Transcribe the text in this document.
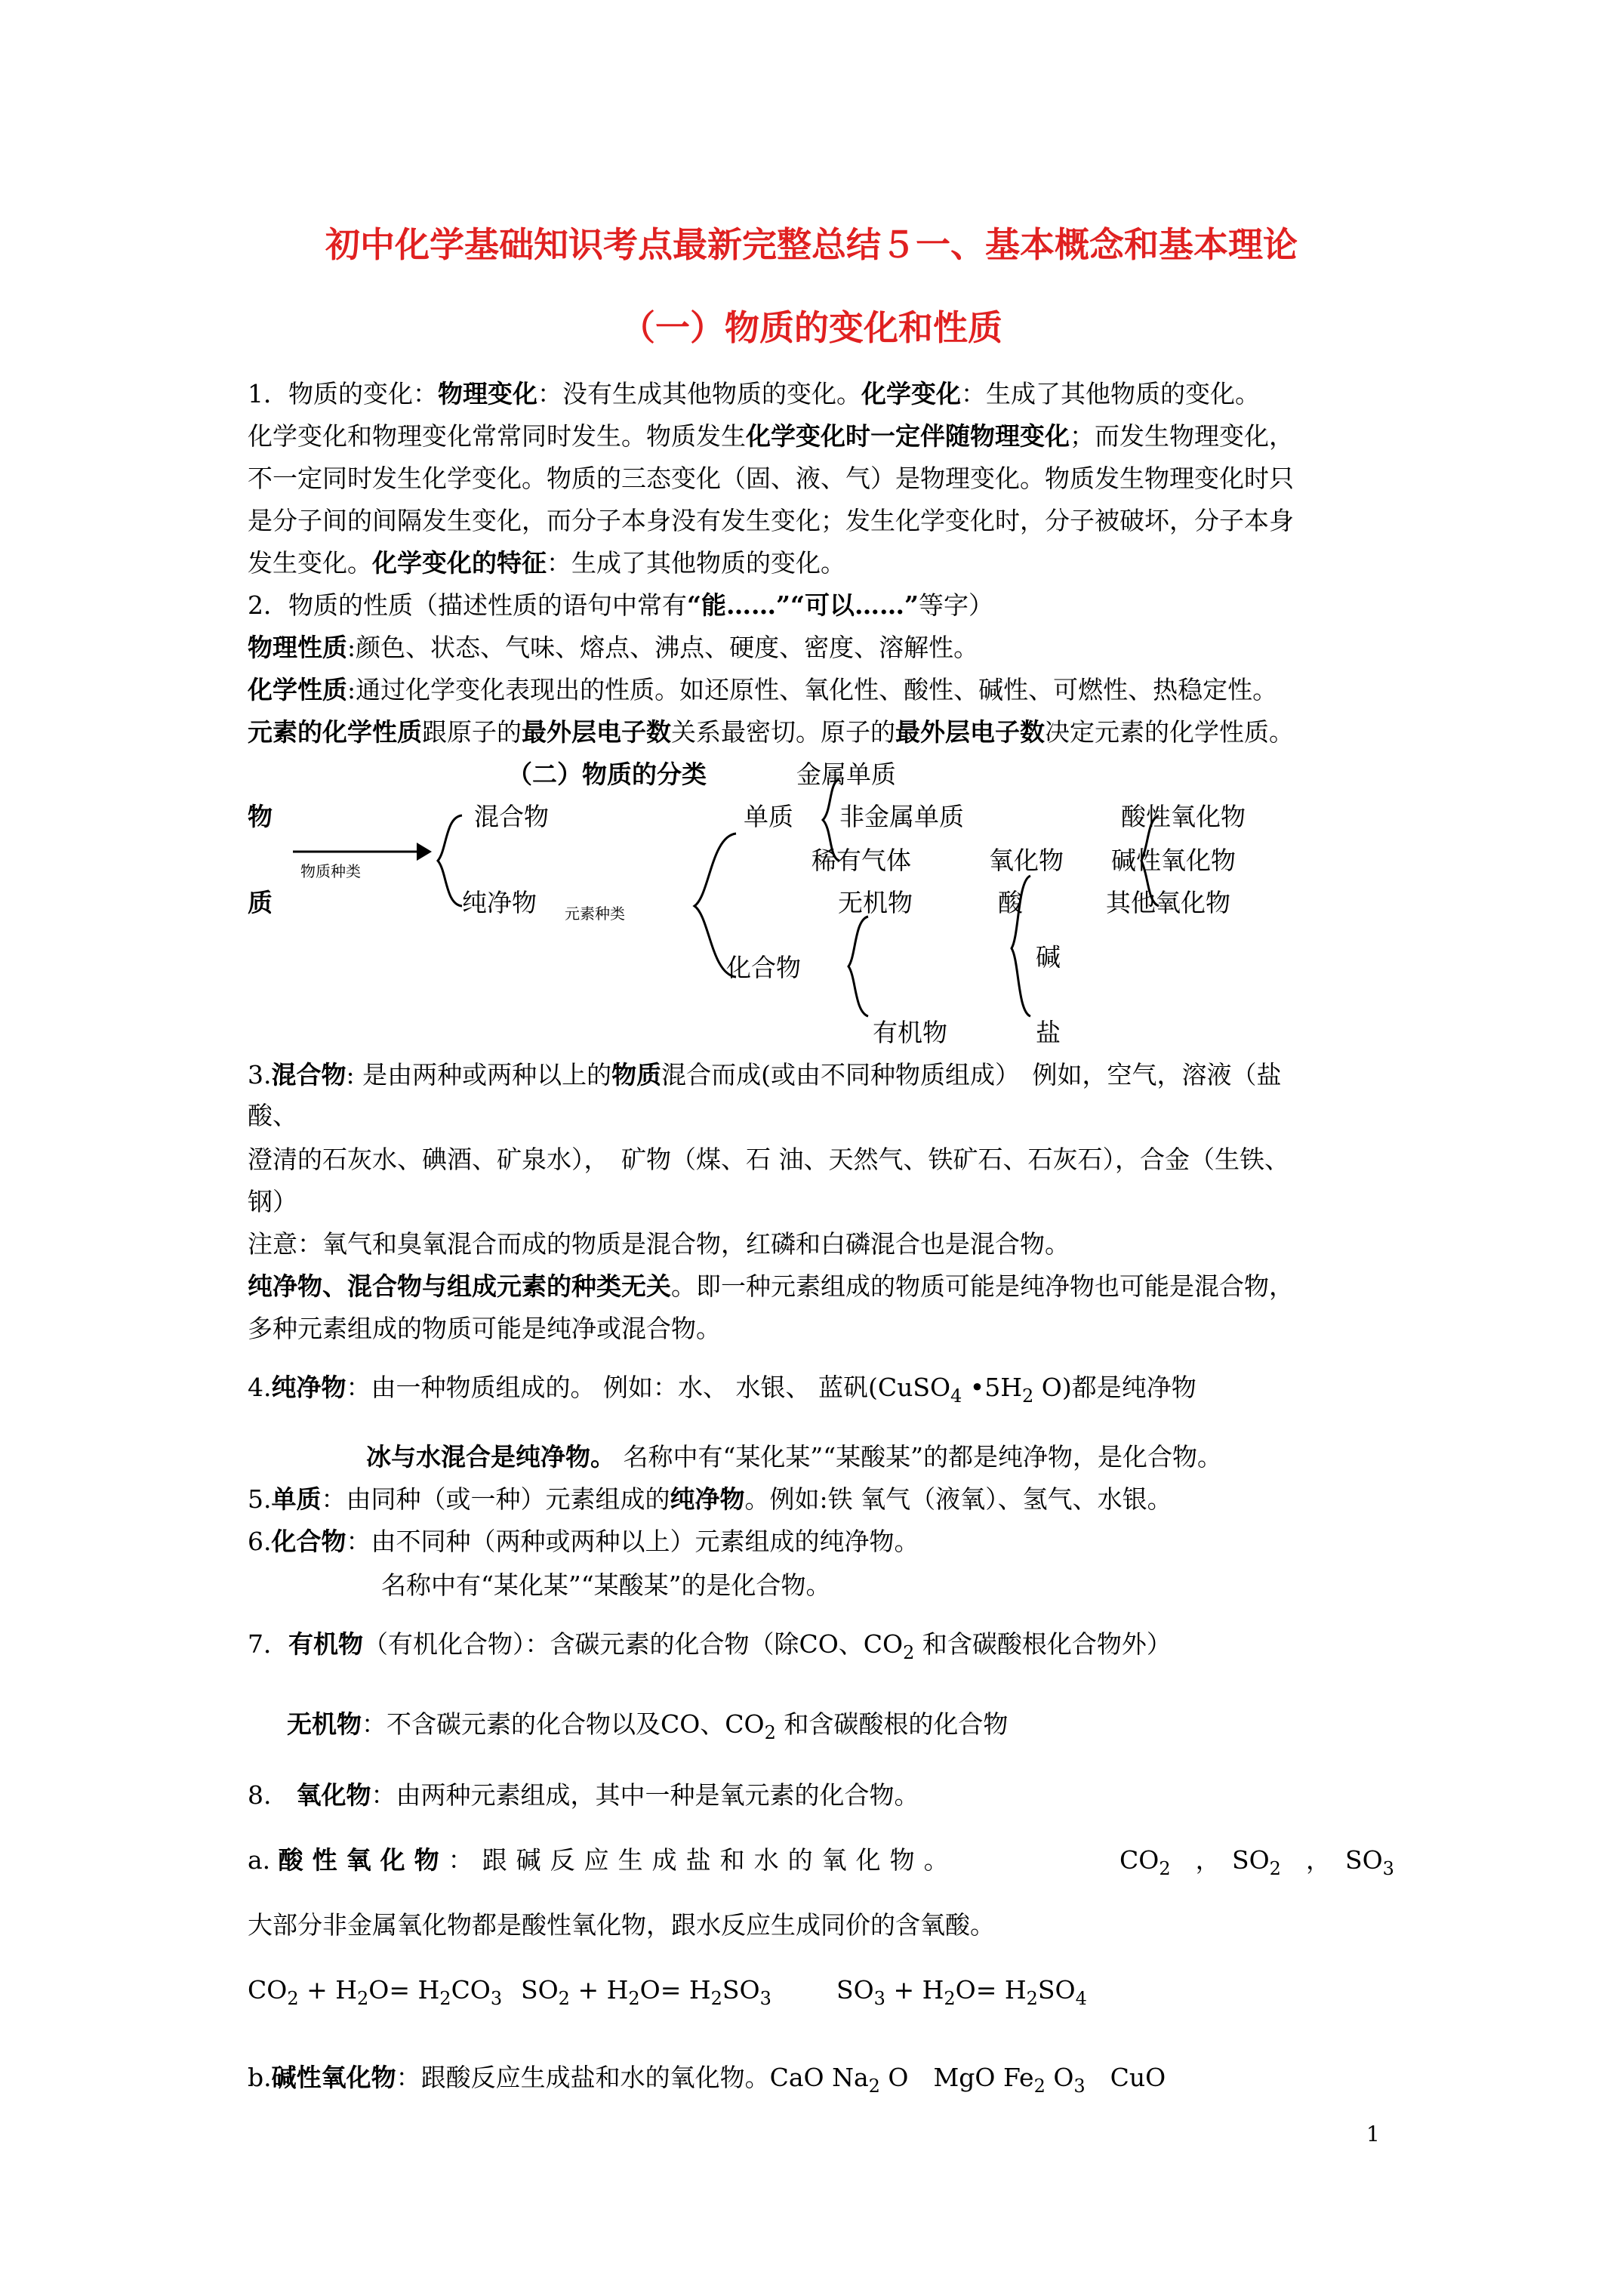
初中化学基础知识考点最新完整总结５一、基本概念和基本理论
（一）物质的变化和性质
1．物质的变化：物理变化：没有生成其他物质的变化。化学变化：生成了其他物质的变化。
化学变化和物理变化常常同时发生。物质发生化学变化时一定伴随物理变化；而发生物理变化，
不一定同时发生化学变化。物质的三态变化（固、液、气）是物理变化。物质发生物理变化时只
是分子间的间隔发生变化，而分子本身没有发生变化；发生化学变化时，分子被破坏，分子本身
发生变化。化学变化的特征：生成了其他物质的变化。
2．物质的性质（描述性质的语句中常有“能……”“可以……”等字）
物理性质:颜色、状态、气味、熔点、沸点、硬度、密度、溶解性。
化学性质:通过化学变化表现出的性质。如还原性、氧化性、酸性、碱性、可燃性、热稳定性。
元素的化学性质跟原子的最外层电子数关系最密切。原子的最外层电子数决定元素的化学性质。
（二）物质的分类	金属单质
物
质
混合物
纯净物
物质种类
元素种类
单质 非金属单质
稀有气体
化合物
无机物
有机物
氧化物
酸
碱
盐
酸性氧化物
碱性氧化物
其他氧化物
3.混合物: 是由两种或两种以上的物质混合而成(或由不同种物质组成）　例如，空气，溶液（盐
酸、
澄清的石灰水、碘酒、矿泉水），　矿物（煤、石 油、天然气、铁矿石、石灰石），合金（生铁、
钢）
注意：氧气和臭氧混合而成的物质是混合物，红磷和白磷混合也是混合物。
纯净物、混合物与组成元素的种类无关。即一种元素组成的物质可能是纯净物也可能是混合物，
多种元素组成的物质可能是纯净或混合物。
4.纯净物：由一种物质组成的。 例如：水、 水银、 蓝矾(CuSO$_4$ $•5H_2$ O)都是纯净物
冰与水混合是纯净物。 名称中有“某化某”“某酸某”的都是纯净物，是化合物。
5.单质：由同种（或一种）元素组成的纯净物。例如:铁 氧气（液氧）、氢气、水银。
6.化合物：由不同种（两种或两种以上）元素组成的纯净物。
名称中有“某化某”“某酸某”的是化合物。
7．有机物（有机化合物）：含碳元素的化合物（除CO、$CO_2$ 和含碳酸根化合物外）
无机物：不含碳元素的化合物以及CO、$CO_2$ 和含碳酸根的化合物
8.　氧化物：由两种元素组成，其中一种是氧元素的化合物。
a. 酸性氧化物：跟碱反应生成盐和水的氧化物。	$CO_2$　， $SO_2$　， $SO_3$
大部分非金属氧化物都是酸性氧化物，跟水反应生成同价的含氧酸。
$CO_2 + H_2O= H_2CO_3$ $SO_2 + H_2O= H_2SO_3$	$SO_3 + H_2O= H_2SO_4$
b.碱性氧化物：跟酸反应生成盐和水的氧化物。CaO $Na_2$ O　MgO $Fe_2$ $O_3$　CuO
1
